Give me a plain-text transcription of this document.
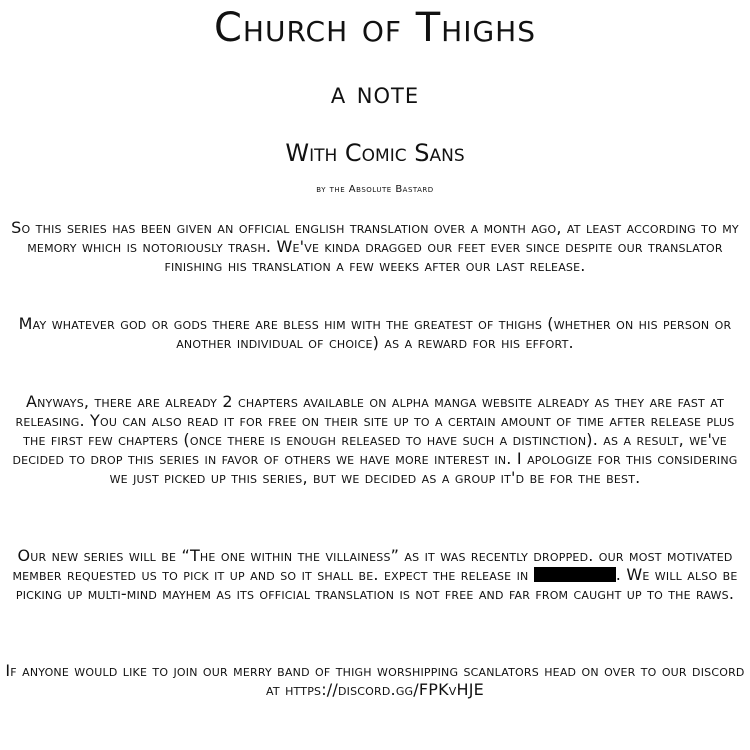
Church of Thighs
a note
With Comic Sans
by the Absolute Bastard
So this series has been given an official english translation over a month ago, at least according to my memory which is notoriously trash. We've kinda dragged our feet ever since despite our translator finishing his translation a few weeks after our last release.
May whatever god or gods there are bless him with the greatest of thighs (whether on his person or another individual of choice) as a reward for his effort.
Anyways, there are already 2 chapters available on alpha manga website already as they are fast at releasing. You can also read it for free on their site up to a certain amount of time after release plus the first few chapters (once there is enough released to have such a distinction). as a result, we've decided to drop this series in favor of others we have more interest in. I apologize for this considering we just picked up this series, but we decided as a group it'd be for the best.
Our new series will be “The one within the villainess” as it was recently dropped. our most motivated member requested us to pick it up and so it shall be. expect the release in	. We will also be picking up multi-mind mayhem as its official translation is not free and far from caught up to the raws.
If anyone would like to join our merry band of thigh worshipping scanlators head on over to our discord at https://discord.gg/FPKvHJE
